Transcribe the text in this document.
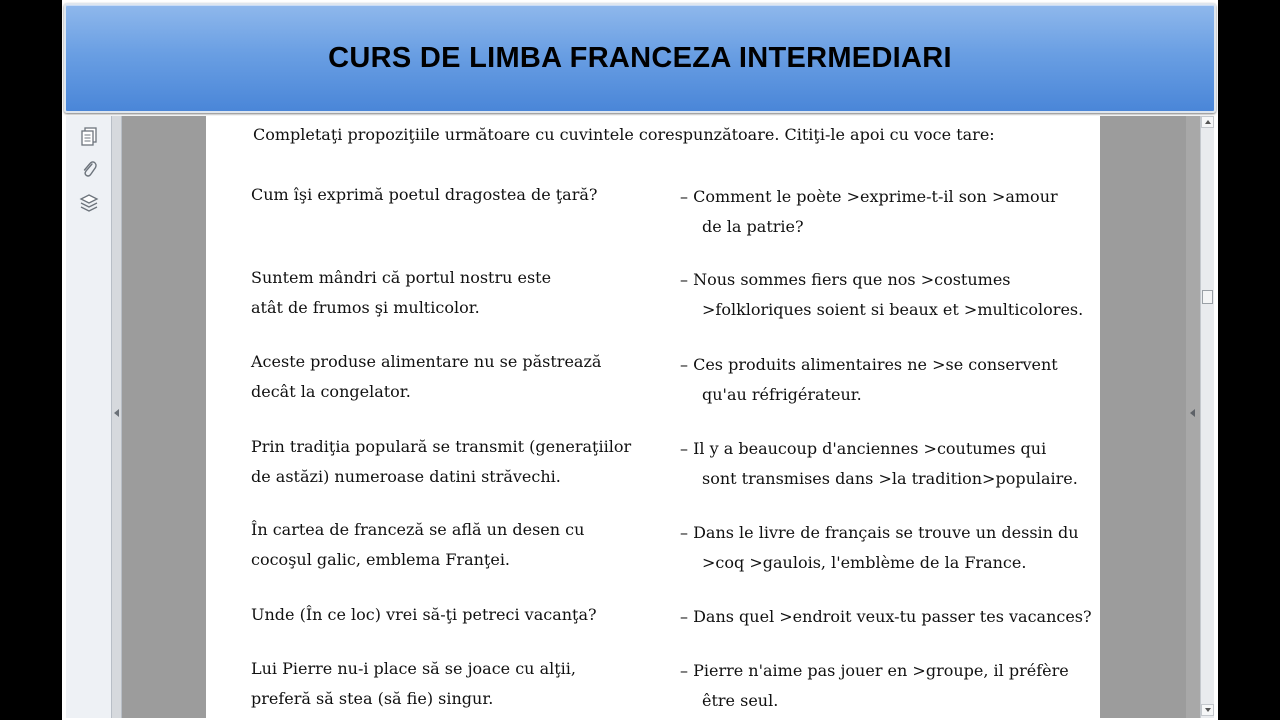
CURS DE LIMBA FRANCEZA INTERMEDIARI
Completaţi propoziţiile următoare cu cuvintele corespunzătoare. Citiţi-le apoi cu voce tare:
Cum îşi exprimă poetul dragostea de ţară?	– Comment le poète >exprime-t-il son >amour
de la patrie?
Suntem mândri că portul nostru este
atât de frumos şi multicolor.
– Nous sommes fiers que nos >costumes
>folkloriques soient si beaux et >multicolores.
Aceste produse alimentare nu se păstrează
decât la congelator.
– Ces produits alimentaires ne >se conservent
qu'au réfrigérateur.
Prin tradiţia populară se transmit (generaţiilor
de astăzi) numeroase datini străvechi.
– Il y a beaucoup d'anciennes >coutumes qui
sont transmises dans >la tradition>populaire.
În cartea de franceză se află un desen cu
cocoşul galic, emblema Franţei.
– Dans le livre de français se trouve un dessin du
>coq >gaulois, l'emblème de la France.
Unde (În ce loc) vrei să-ţi petreci vacanţa?	– Dans quel >endroit veux-tu passer tes vacances?
Lui Pierre nu-i place să se joace cu alţii,
preferă să stea (să fie) singur.
– Pierre n'aime pas jouer en >groupe, il préfère
être seul.
